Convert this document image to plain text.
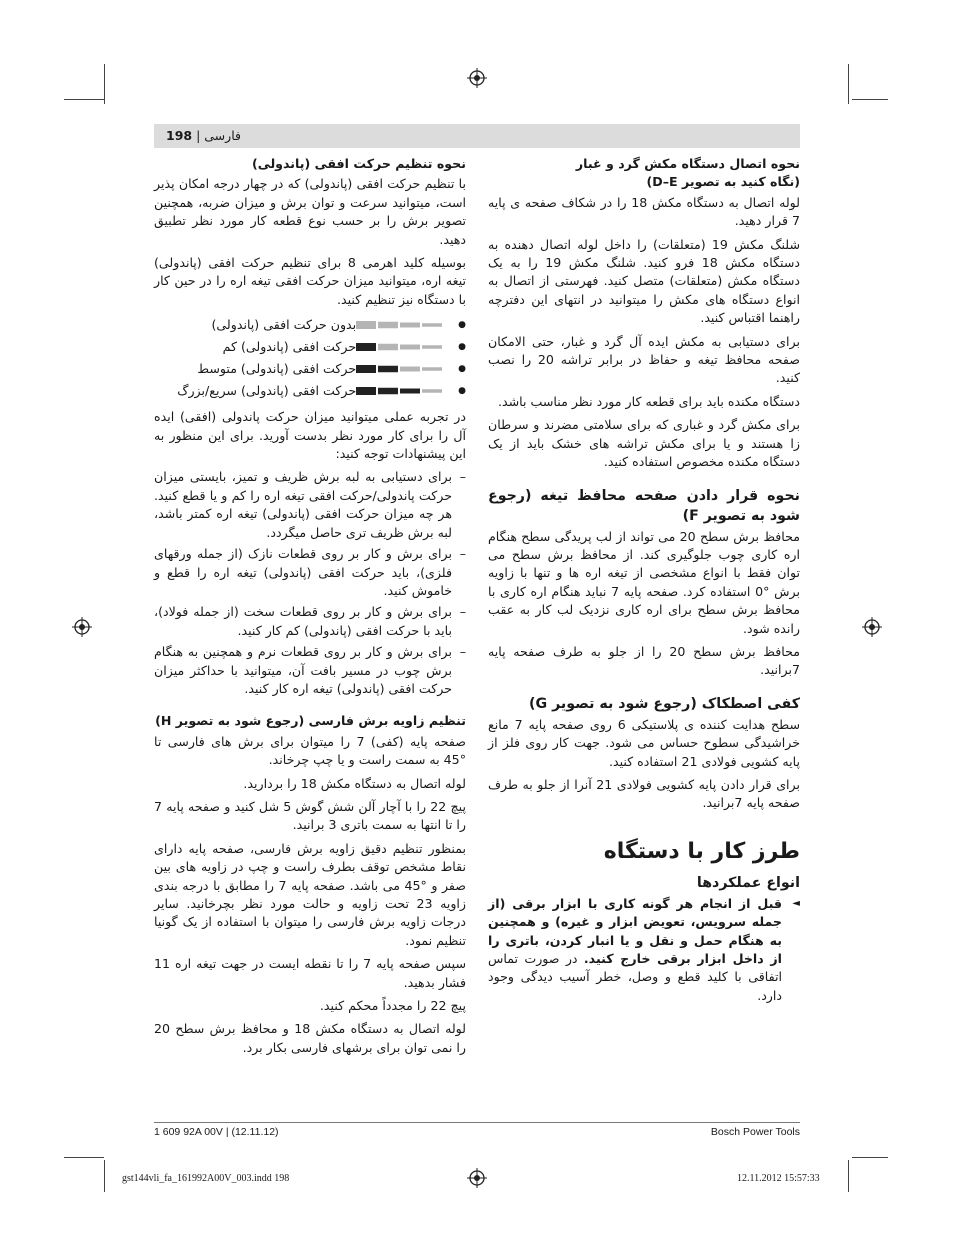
فارسی | 198
نحوه اتصال دستگاه مکش گرد و غبار
(نگاه کنید به تصویر D–E)

لوله اتصال به دستگاه مکش 18 را در شکاف صفحه ی پایه 7 قرار دهید.

شلنگ مکش 19 (متعلقات) را داخل لوله اتصال دهنده به دستگاه مکش 18 فرو کنید. شلنگ مکش 19 را به یک دستگاه مکش (متعلقات) متصل کنید. فهرستی از اتصال به انواع دستگاه های مکش را میتوانید در انتهای این دفترچه راهنما اقتباس کنید.

برای دستیابی به مکش ایده آل گرد و غبار، حتی الامکان صفحه محافظ تیغه و حفاظ در برابر تراشه 20 را نصب کنید.

دستگاه مکنده باید برای قطعه کار مورد نظر مناسب باشد.

برای مکش گرد و غباری که برای سلامتی مضرند و سرطان زا هستند و یا برای مکش تراشه های خشک باید از یک دستگاه مکنده مخصوص استفاده کنید.

نحوه قرار دادن صفحه محافظ تیغه (رجوع شود به تصویر F)

محافظ برش سطح 20 می تواند از لب پریدگی سطح هنگام اره کاری چوب جلوگیری کند. از محافظ برش سطح می توان فقط با انواع مشخصی از تیغه اره ها و تنها با زاویه برش °0 استفاده کرد. صفحه پایه 7 نباید هنگام اره کاری با محافظ برش سطح برای اره کاری نزدیک لب کار به عقب رانده شود.

محافظ برش سطح 20 را از جلو به طرف صفحه پایه 7برانید.

کفی اصطکاک (رجوع شود به تصویر G)

سطح هدایت کننده ی پلاستیکی 6 روی صفحه پایه 7 مانع خراشیدگی سطوح حساس می شود. جهت کار روی فلز از پایه کشویی فولادی 21 استفاده کنید.

برای قرار دادن پایه کشویی فولادی 21 آنرا از جلو به طرف صفحه پایه 7برانید.

طرز کار با دستگاه
انواع عملکردها

◄
قبل از انجام هر گونه کاری با ابزار برقی (از جمله سرویس، تعویض ابزار و غیره) و همچنین به هنگام حمل و نقل و یا انبار کردن، باتری را از داخل ابزار برقی خارج کنید. در صورت تماس اتفاقی با کلید قطع و وصل، خطر آسیب دیدگی وجود دارد.

نحوه تنظیم حرکت افقی (پاندولی)

با تنظیم حرکت افقی (پاندولی) که در چهار درجه امکان پذیر است، میتوانید سرعت و توان برش و میزان ضربه، همچنین تصویر برش را بر حسب نوع قطعه کار مورد نظر تطبیق دهید.

بوسیله کلید اهرمی 8 برای تنظیم حرکت افقی (پاندولی) تیغه اره، میتوانید میزان حرکت افقی تیغه اره را در حین کار با دستگاه نیز تنظیم کنید.

●
بدون حرکت افقی (پاندولی)
●
حرکت افقی (پاندولی) کم
●
حرکت افقی (پاندولی) متوسط
●
حرکت افقی (پاندولی) سریع/بزرگ

در تجربه عملی میتوانید میزان حرکت پاندولی (افقی) ایده آل را برای کار مورد نظر بدست آورید. برای این منظور به این پیشنهادات توجه کنید:

– برای دستیابی به لبه برش ظریف و تمیز، بایستی میزان حرکت پاندولی/حرکت افقی تیغه اره را کم و یا قطع کنید. هر چه میزان حرکت افقی (پاندولی) تیغه اره کمتر باشد، لبه برش ظریف تری حاصل میگردد.
– برای برش و کار بر روی قطعات نازک (از جمله ورقهای فلزی)، باید حرکت افقی (پاندولی) تیغه اره را قطع و خاموش کنید.
– برای برش و کار بر روی قطعات سخت (از جمله فولاد)، باید با حرکت افقی (پاندولی) کم کار کنید.
– برای برش و کار بر روی قطعات نرم و همچنین به هنگام برش چوب در مسیر بافت آن، میتوانید با حداکثر میزان حرکت افقی (پاندولی) تیغه اره کار کنید.
تنظیم زاویه برش فارسی (رجوع شود به تصویر H)

صفحه پایه (کفی) 7 را میتوان برای برش های فارسی تا °45 به سمت راست و یا چپ چرخاند.

لوله اتصال به دستگاه مکش 18 را بردارید.

پیچ 22 را با آچار آلن شش گوش 5 شل کنید و صفحه پایه 7 را تا انتها به سمت باتری 3 برانید.

بمنظور تنظیم دقیق زاویه برش فارسی، صفحه پایه دارای نقاط مشخص توقف بطرف راست و چپ در زاویه های بین صفر و °45 می باشد. صفحه پایه 7 را مطابق با درجه بندی زاویه 23 تحت زاویه و حالت مورد نظر بچرخانید. سایر درجات زاویه برش فارسی را میتوان با استفاده از یک گونیا تنظیم نمود.

سپس صفحه پایه 7 را تا نقطه ایست در جهت تیغه اره 11 فشار بدهید.

پیچ 22 را مجدداً محکم کنید.

لوله اتصال به دستگاه مکش 18 و محافظ برش سطح 20 را نمی توان برای برشهای فارسی بکار برد.

1 609 92A 00V | (12.11.12)	Bosch Power Tools
gst144vli_fa_161992A00V_003.indd 198	12.11.2012 15:57:33
